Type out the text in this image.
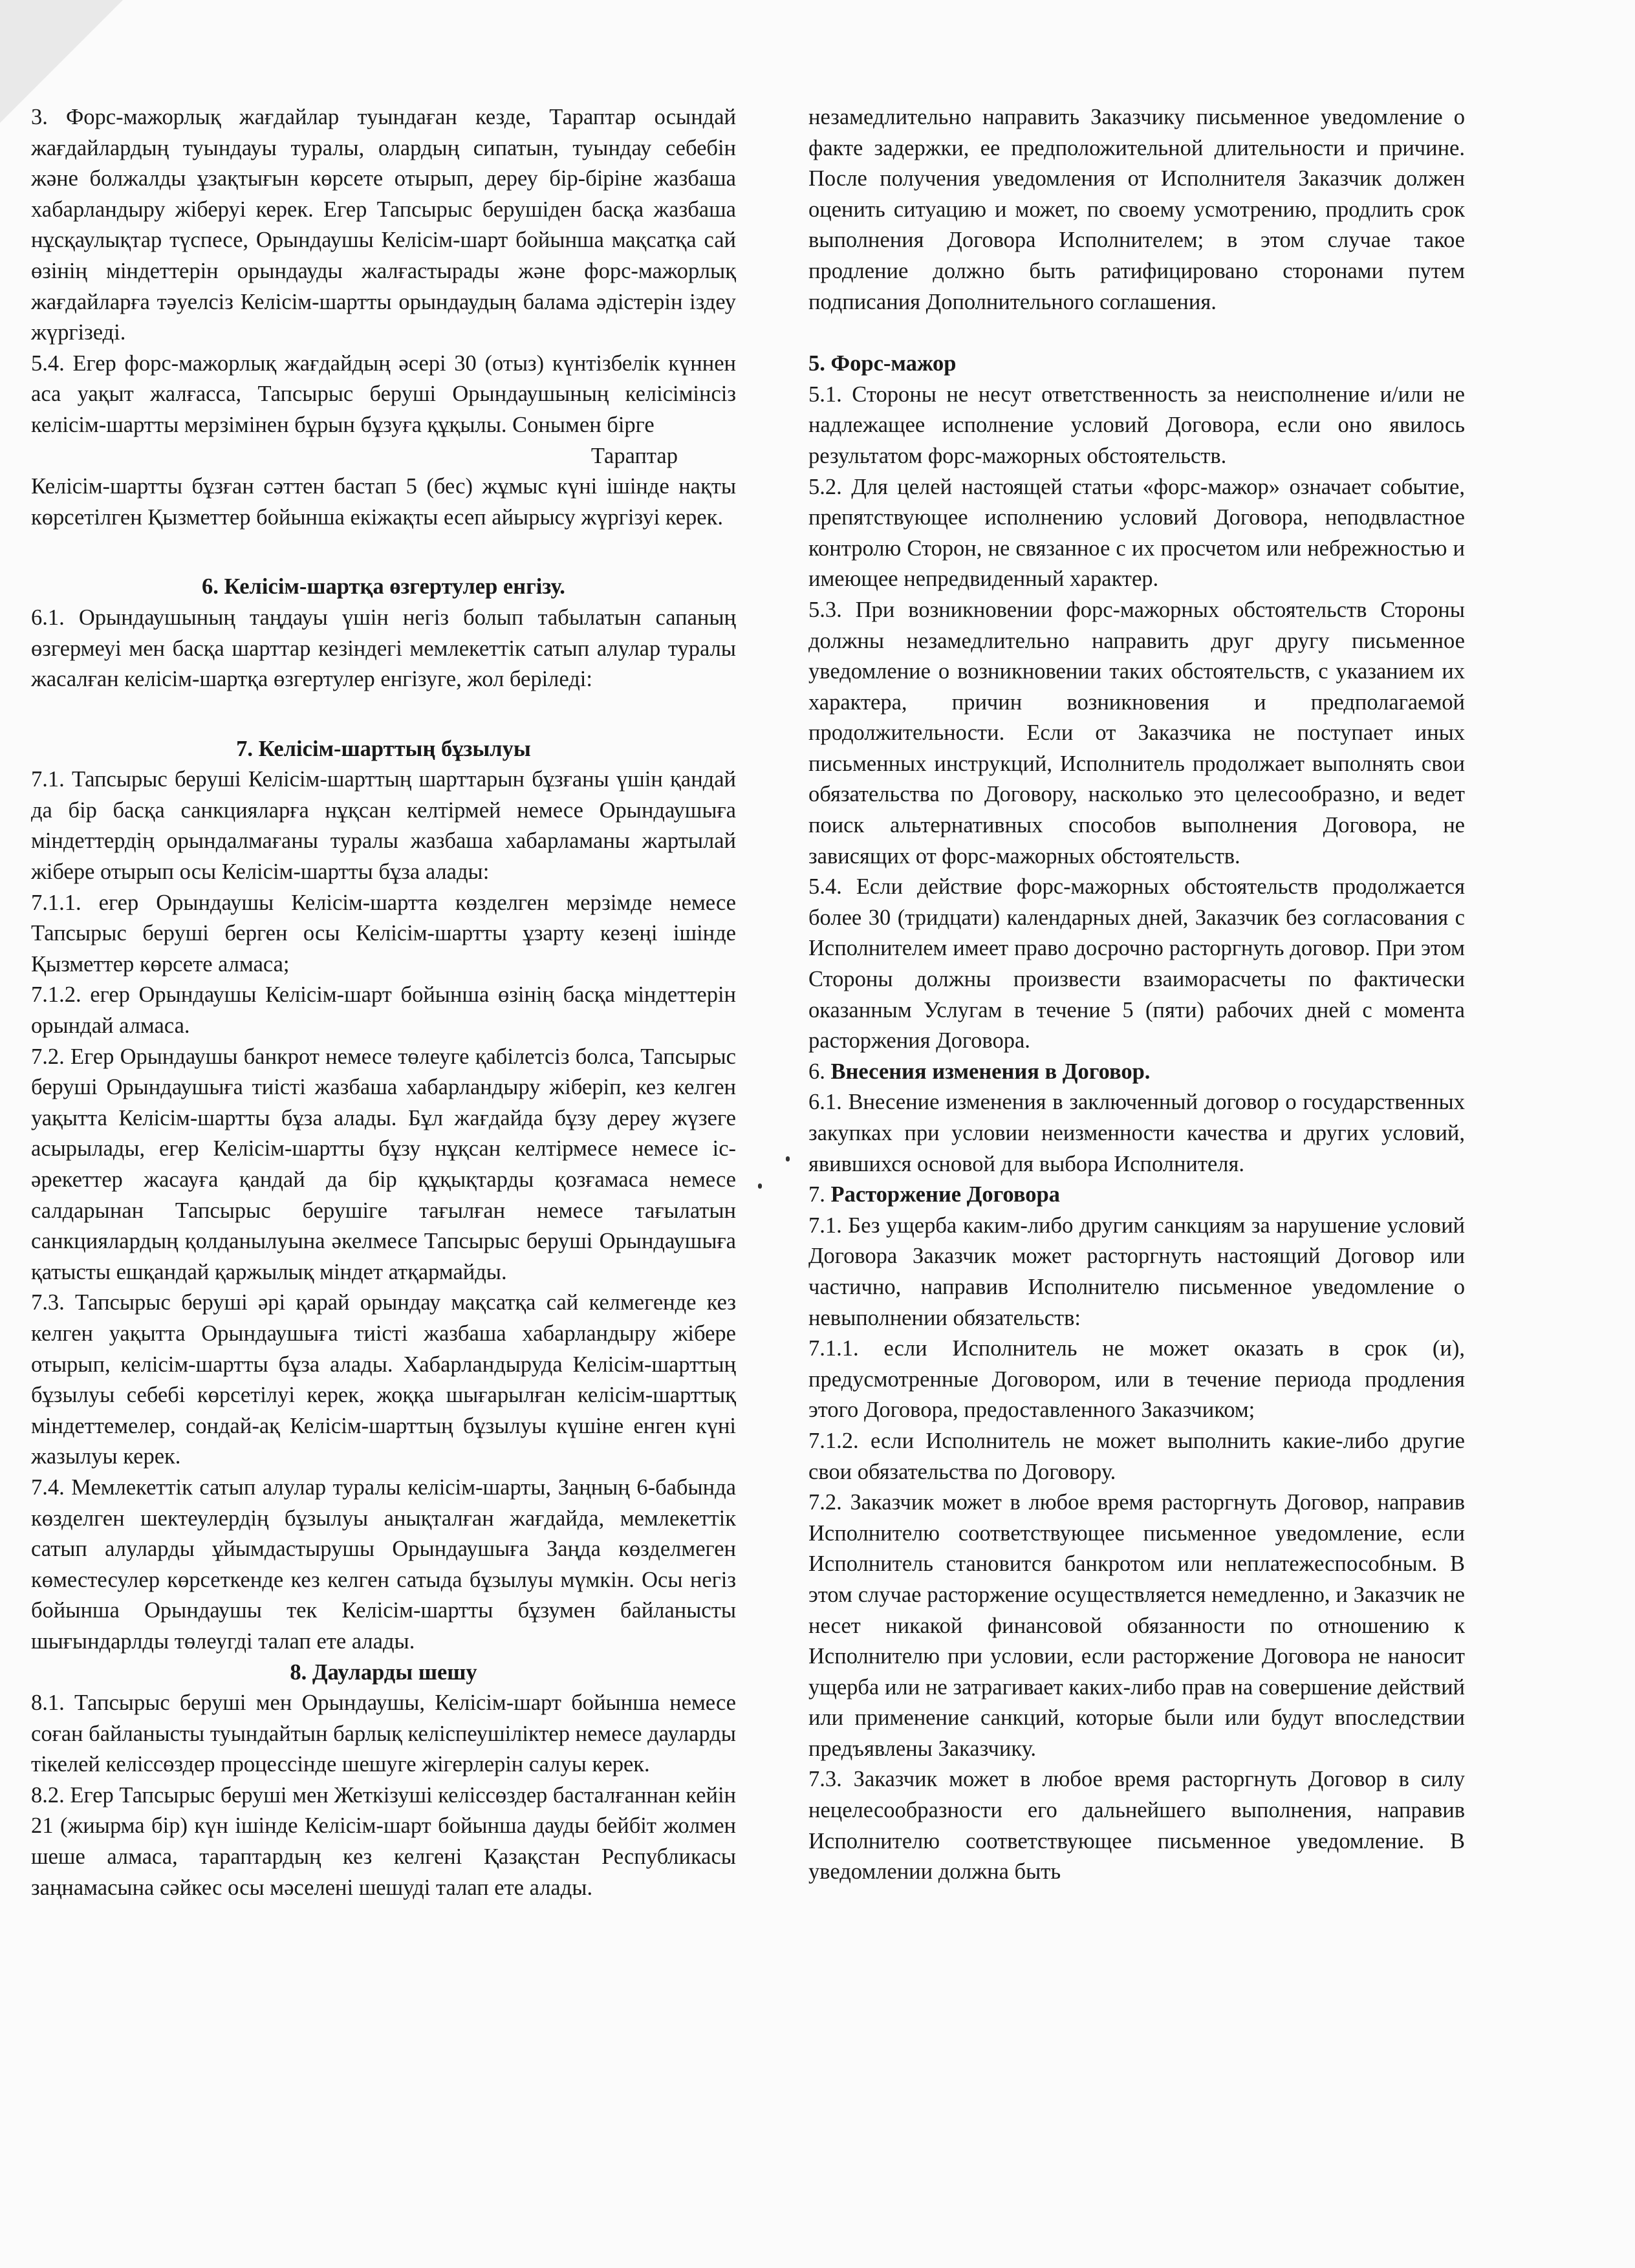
3. Форс-мажорлық жағдайлар туындаған кезде, Тараптар осындай жағдайлардың туындауы туралы, олардың сипатын, туындау себебін және болжалды ұзақтығын көрсете отырып, дереу бір-біріне жазбаша хабарландыру жіберуі керек. Егер Тапсырыс берушіден басқа жазбаша нұсқаулықтар түспесе, Орындаушы Келісім-шарт бойынша мақсатқа сай өзінің міндеттерін орындауды жалғастырады және форс-мажорлық жағдайларға тәуелсіз Келісім-шартты орындаудың балама әдістерін іздеу жүргізеді.

5.4. Егер форс-мажорлық жағдайдың әсері 30 (отыз) күнтізбелік күннен аса уақыт жалғасса, Тапсырыс беруші Орындаушының келісімінсіз келісім-шартты мерзімінен бұрын бұзуға құқылы. Сонымен бірге

Тараптар

Келісім-шартты бұзған сәттен бастап 5 (бес) жұмыс күні ішінде нақты көрсетілген Қызметтер бойынша екіжақты есеп айырысу жүргізуі керек.

6. Келісім-шартқа өзгертулер енгізу.

6.1. Орындаушының таңдауы үшін негіз болып табылатын сапаның өзгермеуі мен басқа шарттар кезіндегі мемлекеттік сатып алулар туралы жасалған келісім-шартқа өзгертулер енгізуге, жол беріледі:

7. Келісім-шарттың бұзылуы

7.1. Тапсырыс беруші Келісім-шарттың шарттарын бұзғаны үшін қандай да бір басқа санкцияларға нұқсан келтірмей немесе Орындаушыға міндеттердің орындалмағаны туралы жазбаша хабарламаны жартылай жібере отырып осы Келісім-шартты бұза алады:

7.1.1. егер Орындаушы Келісім-шартта көзделген мерзімде немесе Тапсырыс беруші берген осы Келісім-шартты ұзарту кезеңі ішінде Қызметтер көрсете алмаса;

7.1.2. егер Орындаушы Келісім-шарт бойынша өзінің басқа міндеттерін орындай алмаса.

7.2. Егер Орындаушы банкрот немесе төлеуге қабілетсіз болса, Тапсырыс беруші Орындаушыға тиісті жазбаша хабарландыру жіберіп, кез келген уақытта Келісім-шартты бұза алады. Бұл жағдайда бұзу дереу жүзеге асырылады, егер Келісім-шартты бұзу нұқсан келтірмесе немесе іс-әрекеттер жасауға қандай да бір құқықтарды қозғамаса немесе салдарынан Тапсырыс берушіге тағылған немесе тағылатын санкциялардың қолданылуына әкелмесе Тапсырыс беруші Орындаушыға қатысты ешқандай қаржылық міндет атқармайды.

7.3. Тапсырыс беруші әрі қарай орындау мақсатқа сай келмегенде кез келген уақытта Орындаушыға тиісті жазбаша хабарландыру жібере отырып, келісім-шартты бұза алады. Хабарландыруда Келісім-шарттың бұзылуы себебі көрсетілуі керек, жоққа шығарылған келісім-шарттық міндеттемелер, сондай-ақ Келісім-шарттың бұзылуы күшіне енген күні жазылуы керек.

7.4. Мемлекеттік сатып алулар туралы келісім-шарты, Заңның 6-бабында көзделген шектеулердің бұзылуы анықталған жағдайда, мемлекеттік сатып алуларды ұйымдастырушы Орындаушыға Заңда көзделмеген көместесулер көрсеткенде кез келген сатыда бұзылуы мүмкін. Осы негіз бойынша Орындаушы тек Келісім-шартты бұзумен байланысты шығындарлды төлеугді талап ете алады.

8. Дауларды шешу

8.1. Тапсырыс беруші мен Орындаушы, Келісім-шарт бойынша немесе соған байланысты туындайтын барлық келіспеушіліктер немесе дауларды тікелей келіссөздер процессінде шешуге жігерлерін салуы керек.

8.2. Егер Тапсырыс беруші мен Жеткізуші келіссөздер басталғаннан кейін 21 (жиырма бір) күн ішінде Келісім-шарт бойынша дауды бейбіт жолмен шеше алмаса, тараптардың кез келгені Қазақстан Республикасы заңнамасына сәйкес осы мәселені шешуді талап ете алады.

незамедлительно направить Заказчику письменное уведомление о факте задержки, ее предположительной длительности и причине. После получения уведомления от Исполнителя Заказчик должен оценить ситуацию и может, по своему усмотрению, продлить срок выполнения Договора Исполнителем; в этом случае такое продление должно быть ратифицировано сторонами путем подписания Дополнительного соглашения.

5. Форс-мажор

5.1. Стороны не несут ответственность за неисполнение и/или не надлежащее исполнение условий Договора, если оно явилось результатом форс-мажорных обстоятельств.

5.2. Для целей настоящей статьи «форс-мажор» означает событие, препятствующее исполнению условий Договора, неподвластное контролю Сторон, не связанное с их просчетом или небрежностью и имеющее непредвиденный характер.

5.3. При возникновении форс-мажорных обстоятельств Стороны должны незамедлительно направить друг другу письменное уведомление о возникновении таких обстоятельств, с указанием их характера, причин возникновения и предполагаемой продолжительности. Если от Заказчика не поступает иных письменных инструкций, Исполнитель продолжает выполнять свои обязательства по Договору, насколько это целесообразно, и ведет поиск альтернативных способов выполнения Договора, не зависящих от форс-мажорных обстоятельств.

5.4. Если действие форс-мажорных обстоятельств продолжается более 30 (тридцати) календарных дней, Заказчик без согласования с Исполнителем имеет право досрочно расторгнуть договор. При этом Стороны должны произвести взаиморасчеты по фактически оказанным Услугам в течение 5 (пяти) рабочих дней с момента расторжения Договора.

6. Внесения изменения в Договор.

6.1. Внесение изменения в заключенный договор о государственных закупках при условии неизменности качества и других условий, явившихся основой для выбора Исполнителя.

7. Расторжение Договора

7.1. Без ущерба каким-либо другим санкциям за нарушение условий Договора Заказчик может расторгнуть настоящий Договор или частично, направив Исполнителю письменное уведомление о невыполнении обязательств:

7.1.1. если Исполнитель не может оказать в срок (и), предусмотренные Договором, или в течение периода продления этого Договора, предоставленного Заказчиком;

7.1.2. если Исполнитель не может выполнить какие-либо другие свои обязательства по Договору.

7.2. Заказчик может в любое время расторгнуть Договор, направив Исполнителю соответствующее письменное уведомление, если Исполнитель становится банкротом или неплатежеспособным. В этом случае расторжение осуществляется немедленно, и Заказчик не несет никакой финансовой обязанности по отношению к Исполнителю при условии, если расторжение Договора не наносит ущерба или не затрагивает каких-либо прав на совершение действий или применение санкций, которые были или будут впоследствии предъявлены Заказчику.

7.3. Заказчик может в любое время расторгнуть Договор в силу нецелесообразности его дальнейшего выполнения, направив Исполнителю соответствующее письменное уведомление. В уведомлении должна быть
